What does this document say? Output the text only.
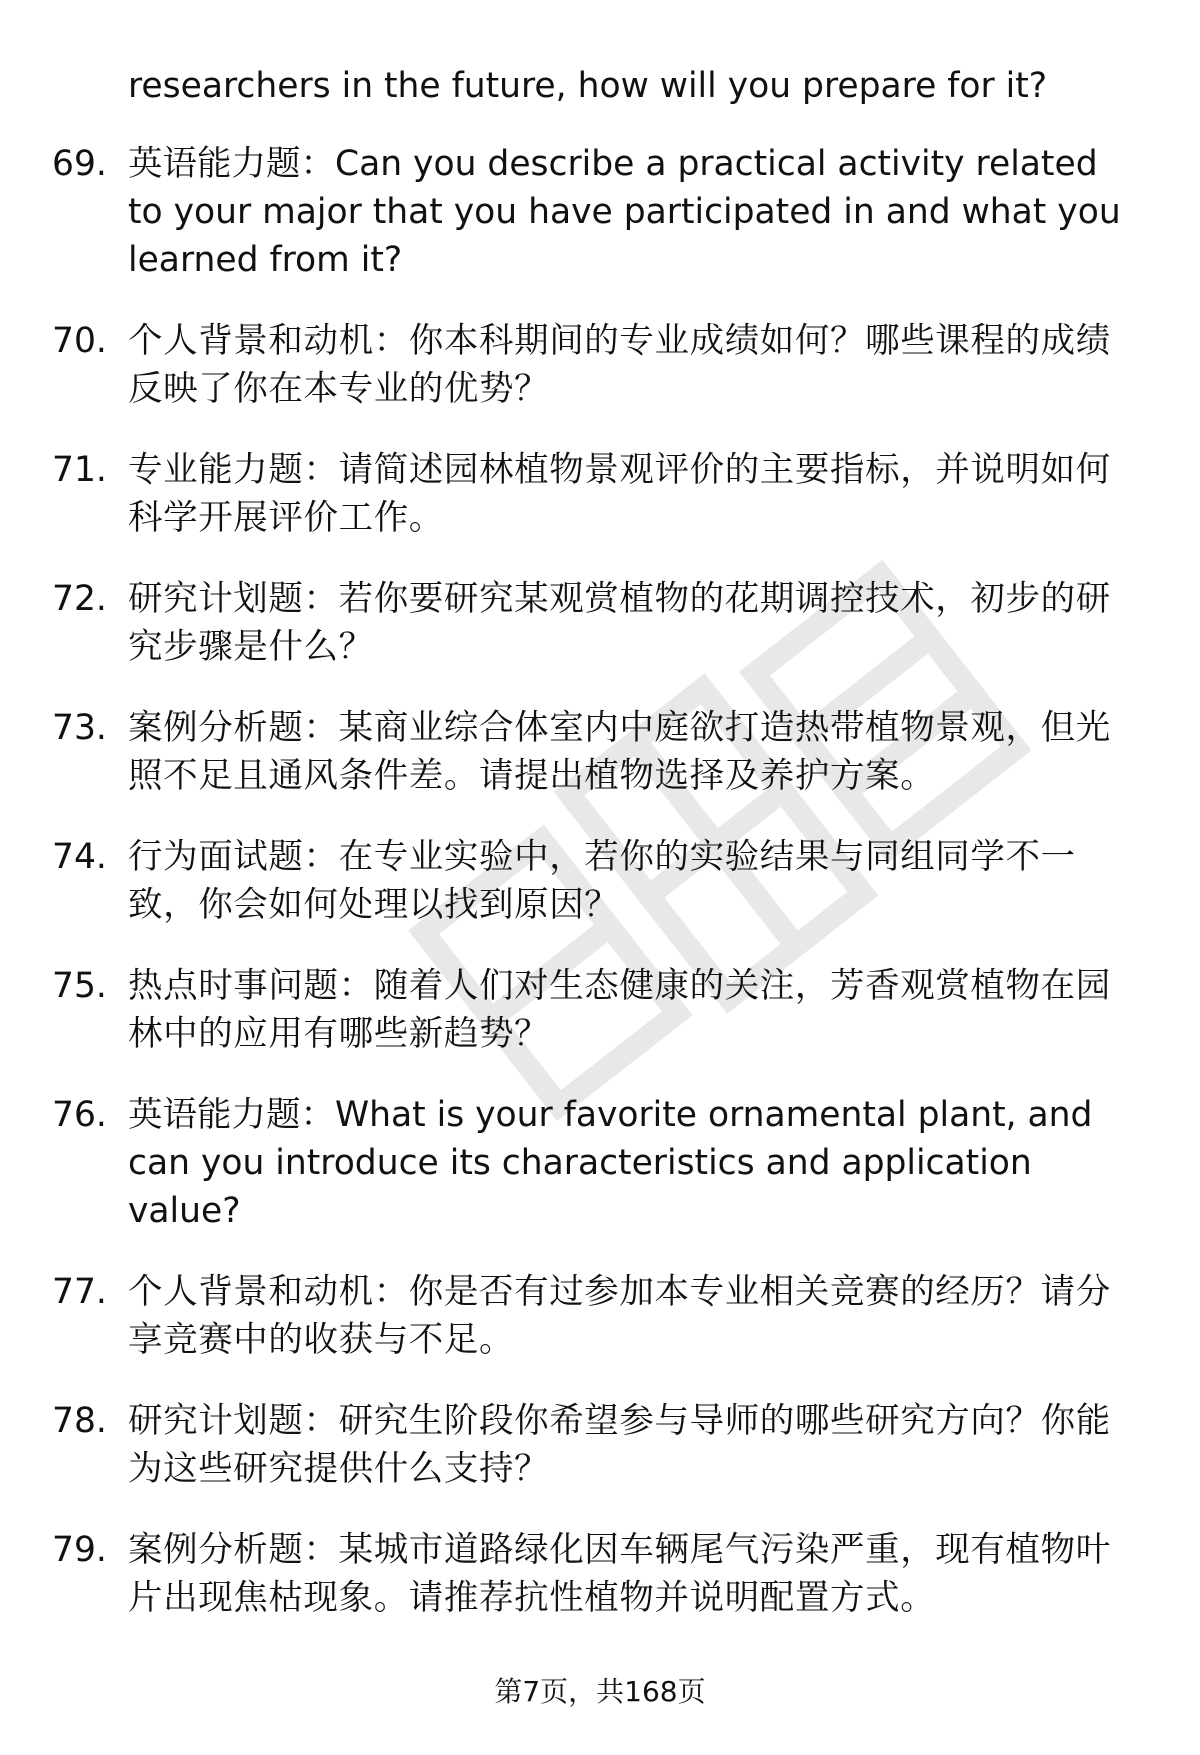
researchers in the future, how will you prepare for it?
69. 英语能力题：Can you describe a practical activity related to your major that you have participated in and what you learned from it?
70. 个人背景和动机：你本科期间的专业成绩如何？哪些课程的成绩反映了你在本专业的优势？
71. 专业能力题：请简述园林植物景观评价的主要指标，并说明如何科学开展评价工作。
72. 研究计划题：若你要研究某观赏植物的花期调控技术，初步的研究步骤是什么？
73. 案例分析题：某商业综合体室内中庭欲打造热带植物景观，但光照不足且通风条件差。请提出植物选择及养护方案。
74. 行为面试题：在专业实验中，若你的实验结果与同组同学不一致，你会如何处理以找到原因？
75. 热点时事问题：随着人们对生态健康的关注，芳香观赏植物在园林中的应用有哪些新趋势？
76. 英语能力题：What is your favorite ornamental plant, and can you introduce its characteristics and application value?
77. 个人背景和动机：你是否有过参加本专业相关竞赛的经历？请分享竞赛中的收获与不足。
78. 研究计划题：研究生阶段你希望参与导师的哪些研究方向？你能为这些研究提供什么支持？
79. 案例分析题：某城市道路绿化因车辆尾气污染严重，现有植物叶片出现焦枯现象。请推荐抗性植物并说明配置方式。
第7页，共168页
